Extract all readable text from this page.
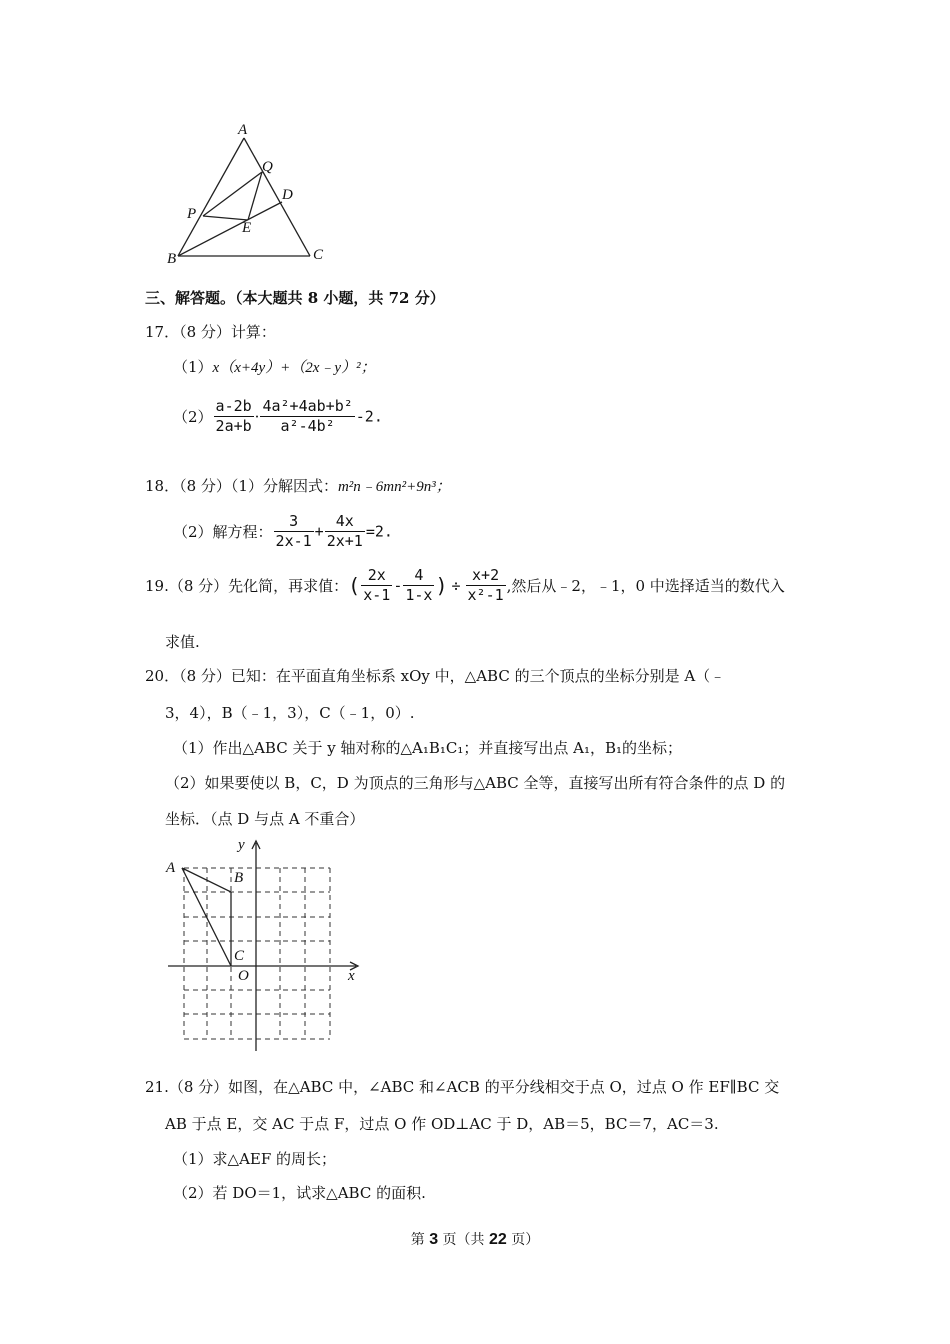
A
Q
D
P
E
B	C
三、解答题。（本大题共 8 小题，共 72 分）
17．（8 分）计算：
（1）x（x+4y）+（2x﹣y）²；
$(2) \frac{a-2b}{2a+b} \cdot \frac{\text{4a²+4ab+b²}}{\text{a²-4b²}} -2$.
18．（8 分）（1）分解因式：m²n﹣6mn²+9n³；
（2）解方程： $\frac{3}{2x-1} + \frac{4x}{2x+1} =2$.
19.（8 分）先化简，再求值：( $\frac{2x}{x-1} - \frac{4}{1-x}$ ) ÷ $\frac{x+2}{\text{x²-1}}$ ,然后从﹣2，﹣1，0 中选择适当的数代入
求值.
20．（8 分）已知：在平面直角坐标系 xOy 中，△ABC 的三个顶点的坐标分别是 A（﹣
3，4），B（﹣1，3），C（﹣1，0）.
（1）作出△ABC 关于 y 轴对称的△A₁B₁C₁；并直接写出点 A₁，B₁的坐标；
（2）如果要使以 B，C，D 为顶点的三角形与△ABC 全等，直接写出所有符合条件的点 D 的
坐标．（点 D 与点 A 不重合）
y
A
B
C
O	x
21.（8 分）如图，在△ABC 中，∠ABC 和∠ACB 的平分线相交于点 O，过点 O 作 EF∥BC 交
AB 于点 E，交 AC 于点 F，过点 O 作 OD⊥AC 于 D，AB＝5，BC＝7，AC＝3.
（1）求△AEF 的周长；
（2）若 DO＝1，试求△ABC 的面积.
第 3 页（共 22 页）
